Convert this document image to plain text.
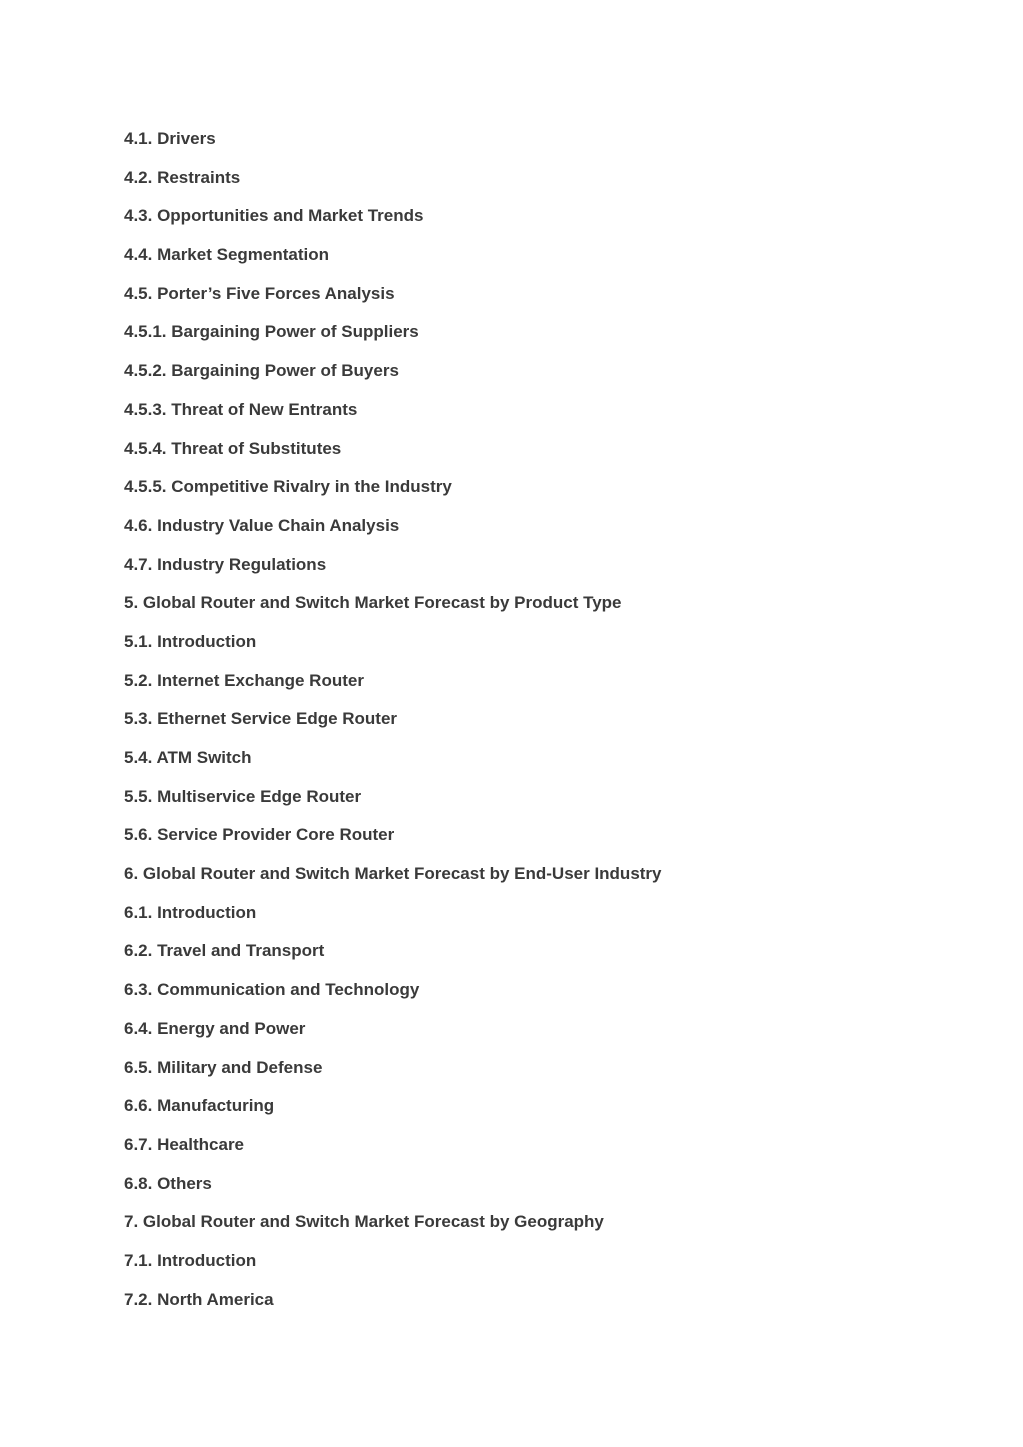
4.1. Drivers
4.2. Restraints
4.3. Opportunities and Market Trends
4.4. Market Segmentation
4.5. Porter’s Five Forces Analysis
4.5.1. Bargaining Power of Suppliers
4.5.2. Bargaining Power of Buyers
4.5.3. Threat of New Entrants
4.5.4. Threat of Substitutes
4.5.5. Competitive Rivalry in the Industry
4.6. Industry Value Chain Analysis
4.7. Industry Regulations
5. Global Router and Switch Market Forecast by Product Type
5.1. Introduction
5.2. Internet Exchange Router
5.3. Ethernet Service Edge Router
5.4. ATM Switch
5.5. Multiservice Edge Router
5.6. Service Provider Core Router
6. Global Router and Switch Market Forecast by End-User Industry
6.1. Introduction
6.2. Travel and Transport
6.3. Communication and Technology
6.4. Energy and Power
6.5. Military and Defense
6.6. Manufacturing
6.7. Healthcare
6.8. Others
7. Global Router and Switch Market Forecast by Geography
7.1. Introduction
7.2. North America
